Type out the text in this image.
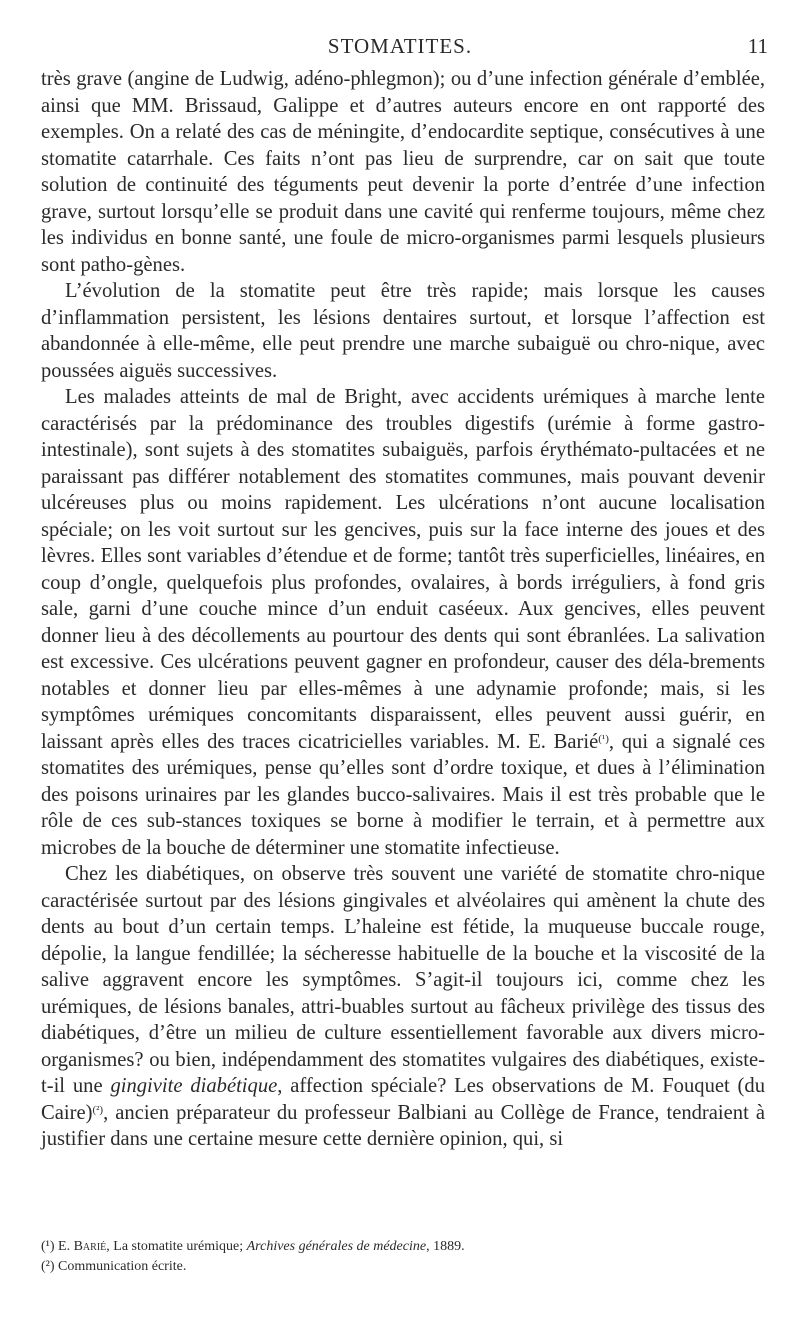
STOMATITES.	11

très grave (angine de Ludwig, adéno-phlegmon); ou d’une infection générale d’emblée, ainsi que MM. Brissaud, Galippe et d’autres auteurs encore en ont rapporté des exemples. On a relaté des cas de méningite, d’endocardite septique, consécutives à une stomatite catarrhale. Ces faits n’ont pas lieu de surprendre, car on sait que toute solution de continuité des téguments peut devenir la porte d’entrée d’une infection grave, surtout lorsqu’elle se produit dans une cavité qui renferme toujours, même chez les individus en bonne santé, une foule de micro-organismes parmi lesquels plusieurs sont patho-gènes.

L’évolution de la stomatite peut être très rapide; mais lorsque les causes d’inflammation persistent, les lésions dentaires surtout, et lorsque l’affection est abandonnée à elle-même, elle peut prendre une marche subaiguë ou chro-nique, avec poussées aiguës successives.

Les malades atteints de mal de Bright, avec accidents urémiques à marche lente caractérisés par la prédominance des troubles digestifs (urémie à forme gastro-intestinale), sont sujets à des stomatites subaiguës, parfois érythémato-pultacées et ne paraissant pas différer notablement des stomatites communes, mais pouvant devenir ulcéreuses plus ou moins rapidement. Les ulcérations n’ont aucune localisation spéciale; on les voit surtout sur les gencives, puis sur la face interne des joues et des lèvres. Elles sont variables d’étendue et de forme; tantôt très superficielles, linéaires, en coup d’ongle, quelquefois plus profondes, ovalaires, à bords irréguliers, à fond gris sale, garni d’une couche mince d’un enduit caséeux. Aux gencives, elles peuvent donner lieu à des décollements au pourtour des dents qui sont ébranlées. La salivation est excessive. Ces ulcérations peuvent gagner en profondeur, causer des déla-brements notables et donner lieu par elles-mêmes à une adynamie profonde; mais, si les symptômes urémiques concomitants disparaissent, elles peuvent aussi guérir, en laissant après elles des traces cicatricielles variables. M. E. Barié$^{(^1)}$, qui a signalé ces stomatites des urémiques, pense qu’elles sont d’ordre toxique, et dues à l’élimination des poisons urinaires par les glandes bucco-salivaires. Mais il est très probable que le rôle de ces sub-stances toxiques se borne à modifier le terrain, et à permettre aux microbes de la bouche de déterminer une stomatite infectieuse.

Chez les diabétiques, on observe très souvent une variété de stomatite chro-nique caractérisée surtout par des lésions gingivales et alvéolaires qui amènent la chute des dents au bout d’un certain temps. L’haleine est fétide, la muqueuse buccale rouge, dépolie, la langue fendillée; la sécheresse habituelle de la bouche et la viscosité de la salive aggravent encore les symptômes. S’agit-il toujours ici, comme chez les urémiques, de lésions banales, attri-buables surtout au fâcheux privilège des tissus des diabétiques, d’être un milieu de culture essentiellement favorable aux divers micro-organismes? ou bien, indépendamment des stomatites vulgaires des diabétiques, existe-t-il une gingivite diabétique, affection spéciale? Les observations de M. Fouquet (du Caire)$^{(^2)}$, ancien préparateur du professeur Balbiani au Collège de France, tendraient à justifier dans une certaine mesure cette dernière opinion, qui, si

(¹) E. Barié, La stomatite urémique; Archives générales de médecine, 1889.
(²) Communication écrite.
